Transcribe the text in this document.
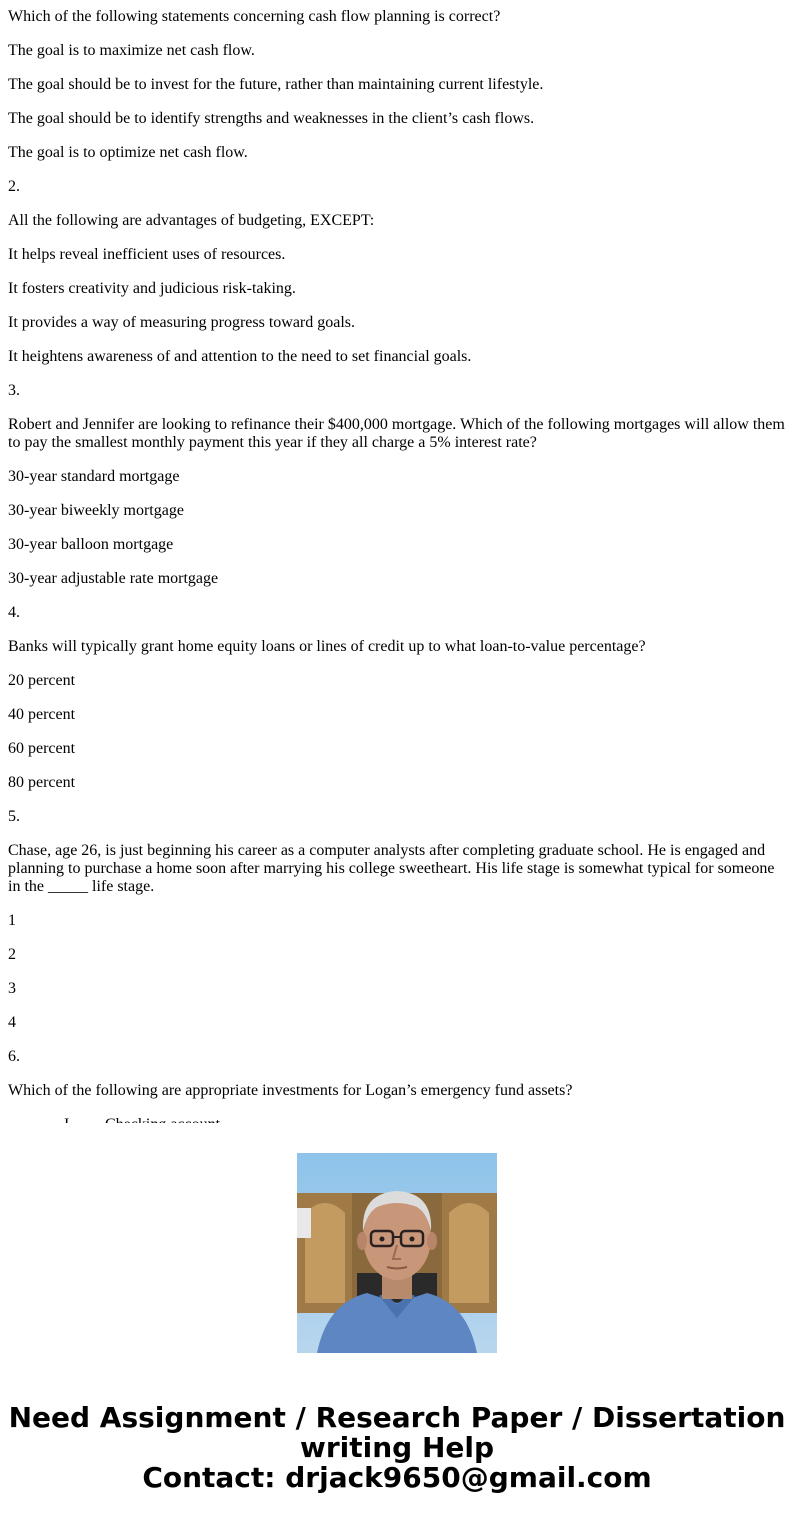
Which of the following statements concerning cash flow planning is correct?

The goal is to maximize net cash flow.

The goal should be to invest for the future, rather than maintaining current lifestyle.

The goal should be to identify strengths and weaknesses in the client’s cash flows.

The goal is to optimize net cash flow.

2.

All the following are advantages of budgeting, EXCEPT:

It helps reveal inefficient uses of resources.

It fosters creativity and judicious risk-taking.

It provides a way of measuring progress toward goals.

It heightens awareness of and attention to the need to set financial goals.

3.

Robert and Jennifer are looking to refinance their $400,000 mortgage. Which of the following mortgages will allow them to pay the smallest monthly payment this year if they all charge a 5% interest rate?

30-year standard mortgage

30-year biweekly mortgage

30-year balloon mortgage

30-year adjustable rate mortgage

4.

Banks will typically grant home equity loans or lines of credit up to what loan-to-value percentage?

20 percent

40 percent

60 percent

80 percent

5.

Chase, age 26, is just beginning his career as a computer analysts after completing graduate school. He is engaged and planning to purchase a home soon after marrying his college sweetheart. His life stage is somewhat typical for someone in the _____ life stage.

1

2

3

4

6.

Which of the following are appropriate investments for Logan’s emergency fund assets?

Need Assignment / Research Paper / Dissertation
writing Help
Contact: drjack9650@gmail.com
